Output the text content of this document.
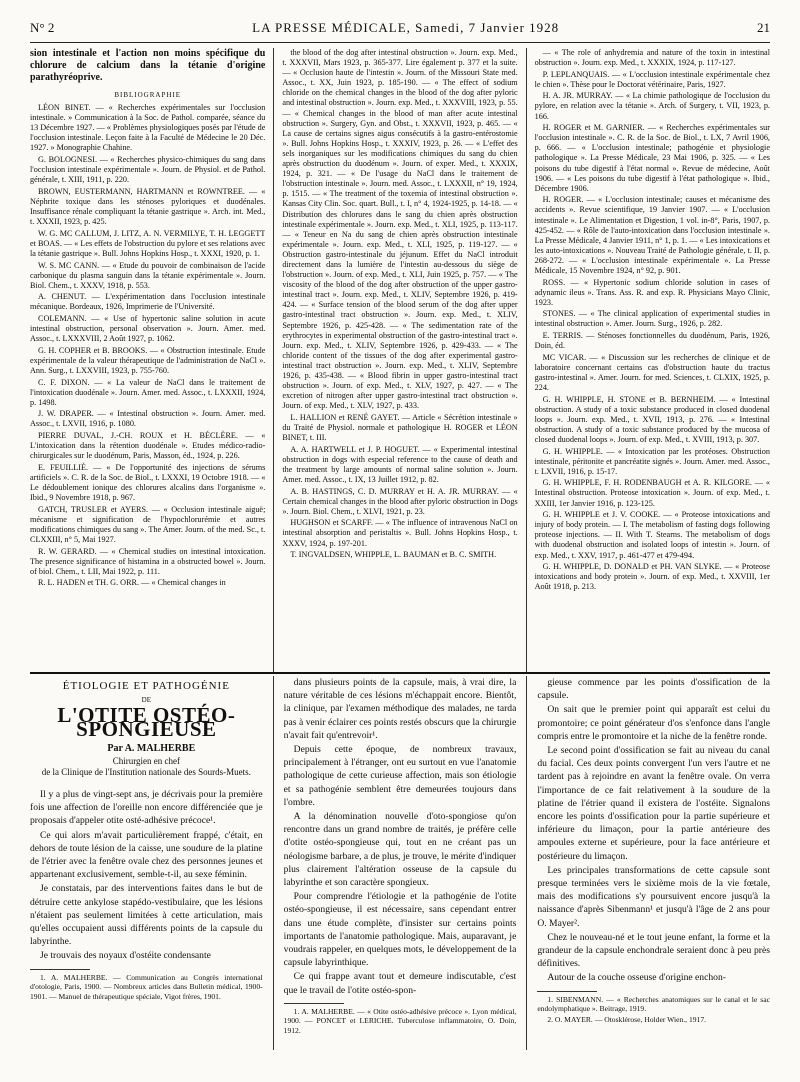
N° 2	LA PRESSE MÉDICALE, Samedi, 7 Janvier 1928	21

sion intestinale et l'action non moins spécifique du chlorure de calcium dans la tétanie d'origine parathyréoprive.

BIBLIOGRAPHIE

LÉON BINET. — « Recherches expérimentales sur l'occlusion intestinale. » Communication à la Soc. de Pathol. comparée, séance du 13 Décembre 1927. — « Problèmes physiologiques posés par l'étude de l'occlusion intestinale. Leçon faite à la Faculté de Médecine le 20 Déc. 1927. » Monographie Chahine.

G. BOLOGNESI. — « Recherches physico-chimiques du sang dans l'occlusion intestinale expérimentale ». Journ. de Physiol. et de Pathol. générale, t. XIII, 1911, p. 220.

BROWN, EUSTERMANN, HARTMANN et ROWNTREE. — « Néphrite toxique dans les sténoses pyloriques et duodénales. Insuffisance rénale compliquant la tétanie gastrique ». Arch. int. Med., t. XXXII, 1923, p. 425.

W. G. MC CALLUM, J. LITZ, A. N. VERMILYE, T. H. LEGGETT et BOAS. — « Les effets de l'obstruction du pylore et ses relations avec la tétanie gastrique ». Bull. Johns Hopkins Hosp., t. XXXI, 1920, p. 1.

W. S. MC CANN. — « Etude du pouvoir de combinaison de l'acide carbonique du plasma sanguin dans la tétanie expérimentale ». Journ. Biol. Chem., t. XXXV, 1918, p. 553.

A. CHENUT. — L'expérimentation dans l'occlusion intestinale mécanique. Bordeaux, 1926, Imprimerie de l'Université.

COLEMANN. — « Use of hypertonic saline solution in acute intestinal obstruction, personal observation ». Journ. Amer. med. Assoc., t. LXXXVIII, 2 Août 1927, p. 1062.

G. H. COPHER et B. BROOKS. — « Obstruction intestinale. Etude expérimentale de la valeur thérapeutique de l'administration de NaCl ». Ann. Surg., t. LXXVIII, 1923, p. 755-760.

C. F. DIXON. — « La valeur de NaCl dans le traitement de l'intoxication duodénale ». Journ. Amer. med. Assoc., t. LXXXII, 1924, p. 1498.

J. W. DRAPER. — « Intestinal obstruction ». Journ. Amer. med. Assoc., t. LXVII, 1916, p. 1080.

PIERRE DUVAL, J.-CH. ROUX et H. BÉCLÈRE. — « L'intoxication dans la rétention duodénale ». Etudes médico-radio-chirurgicales sur le duodénum, Paris, Masson, éd., 1924, p. 226.

E. FEUILLIÉ. — « De l'opportunité des injections de sérums artificiels ». C. R. de la Soc. de Biol., t. LXXXI, 19 Octobre 1918. — « Le dédoublement ionique des chlorures alcalins dans l'organisme ». Ibid., 9 Novembre 1918, p. 967.

GATCH, TRUSLER et AYERS. — « Occlusion intestinale aiguë; mécanisme et signification de l'hypochlorurémie et autres modifications chimiques du sang ». The Amer. Journ. of the med. Sc., t. CLXXIII, n° 5, Mai 1927.

R. W. GERARD. — « Chemical studies on intestinal intoxication. The presence significance of histamina in a obstructed bowel ». Journ. of biol. Chem., t. LII, Mai 1922, p. 111.

R. L. HADEN et TH. G. ORR. — « Chemical changes in

the blood of the dog after intestinal obstruction ». Journ. exp. Med., t. XXXVII, Mars 1923, p. 365-377. Lire également p. 377 et la suite. — « Occlusion haute de l'intestin ». Journ. of the Missouri State med. Assoc., t. XX, Juin 1923, p. 185-190. — « The effect of sodium chloride on the chemical changes in the blood of the dog after pyloric and intestinal obstruction ». Journ. exp. Med., t. XXXVIII, 1923, p. 55. — « Chemical changes in the blood of man after acute intestinal obstruction ». Surgery, Gyn. and Obst., t. XXXVII, 1923, p. 465. — « La cause de certains signes aigus consécutifs à la gastro-entérostomie ». Bull. Johns Hopkins Hosp., t. XXXIV, 1923, p. 26. — « L'effet des sels inorganiques sur les modifications chimiques du sang du chien après obstruction du duodénum ». Journ. of exper. Med., t. XXXIX, 1924, p. 321. — « De l'usage du NaCl dans le traitement de l'obstruction intestinale ». Journ. med. Assoc., t. LXXXII, n° 19, 1924, p. 1515. — « The treatment of the toxemia of intestinal obstruction ». Kansas City Clin. Soc. quart. Bull., t. I, n° 4, 1924-1925, p. 14-18. — « Distribution des chlorures dans le sang du chien après obstruction intestinale expérimentale ». Journ. exp. Med., t. XLI, 1925, p. 113-117. — « Teneur en Na du sang de chien après obstruction intestinale expérimentale ». Journ. exp. Med., t. XLI, 1925, p. 119-127. — « Obstruction gastro-intestinale du jéjunum. Effet du NaCl introduit directement dans la lumière de l'intestin au-dessous du siège de l'obstruction ». Journ. of exp. Med., t. XLI, Juin 1925, p. 757. — « The viscosity of the blood of the dog after obstruction of the upper gastro-intestinal tract ». Journ. exp. Med., t. XLIV, Septembre 1926, p. 419-424. — « Surface tension of the blood serum of the dog after upper gastro-intestinal tract obstruction ». Journ. exp. Med., t. XLIV, Septembre 1926, p. 425-428. — « The sedimentation rate of the erythrocytes in experimental obstruction of the gastro-intestinal tract ». Journ. exp. Med., t. XLIV, Septembre 1926, p. 429-433. — « The chloride content of the tissues of the dog after experimental gastro-intestinal tract obstruction ». Journ. exp. Med., t. XLIV, Septembre 1926, p. 435-438. — « Blood fibrin in upper gastro-intestinal tract obstruction ». Journ. of exp. Med., t. XLV, 1927, p. 427. — « The excretion of nitrogen after upper gastro-intestinal tract obstruction ». Journ. of exp. Med., t. XLV, 1927, p. 433.

L. HALLION et RENÉ GAYET. — Article « Sécrétion intestinale » du Traité de Physiol. normale et pathologique H. ROGER et LÉON BINET, t. III.

A. A. HARTWELL et J. P. HOGUET. — « Experimental intestinal obstruction in dogs with especial reference to the cause of death and the treatment by large amounts of normal saline solution ». Journ. Amer. med. Assoc., t. IX, 13 Juillet 1912, p. 82.

A. B. HASTINGS, C. D. MURRAY et H. A. JR. MURRAY. — « Certain chemical changes in the blood after pyloric obstruction in Dogs ». Journ. Biol. Chem., t. XLVI, 1921, p. 23.

HUGHSON et SCARFF. — « The influence of intravenous NaCl on intestinal absorption and peristaltis ». Bull. Johns Hopkins Hosp., t. XXXV, 1924, p. 197-201.

T. INGVALDSEN, WHIPPLE, L. BAUMAN et B. C. SMITH.

— « The role of anhydremia and nature of the toxin in intestinal obstruction ». Journ. exp. Med., t. XXXIX, 1924, p. 117-127.

P. LEPLANQUAIS. — « L'occlusion intestinale expérimentale chez le chien ». Thèse pour le Doctorat vétérinaire, Paris, 1927.

H. A. JR. MURRAY. — « La chimie pathologique de l'occlusion du pylore, en relation avec la tétanie ». Arch. of Surgery, t. VII, 1923, p. 166.

H. ROGER et M. GARNIER. — « Recherches expérimentales sur l'occlusion intestinale ». C. R. de la Soc. de Biol., t. LX, 7 Avril 1906, p. 666. — « L'occlusion intestinale; pathogénie et physiologie pathologique ». La Presse Médicale, 23 Mai 1906, p. 325. — « Les poisons du tube digestif à l'état normal ». Revue de médecine, Août 1906. — « Les poisons du tube digestif à l'état pathologique ». Ibid., Décembre 1906.

H. ROGER. — « L'occlusion intestinale; causes et mécanisme des accidents ». Revue scientifique, 19 Janvier 1907. — « L'occlusion intestinale ». Le Alimentation et Digestion, 1 vol. in-8°, Paris, 1907, p. 425-452. — « Rôle de l'auto-intoxication dans l'occlusion intestinale ». La Presse Médicale, 4 Janvier 1911, n° 1, p. 1. — « Les intoxications et les auto-intoxications ». Nouveau Traité de Pathologie générale, t. II, p. 268-272. — « L'occlusion intestinale expérimentale ». La Presse Médicale, 15 Novembre 1924, n° 92, p. 901.

ROSS. — « Hypertonic sodium chloride solution in cases of adynamic ileus ». Trans. Ass. R. and exp. R. Physicians Mayo Clinic, 1923.

STONES. — « The clinical application of experimental studies in intestinal obstruction ». Amer. Journ. Surg., 1926, p. 282.

E. TERRIS. — Sténoses fonctionnelles du duodénum, Paris, 1926, Doin, éd.

MC VICAR. — « Discussion sur les recherches de clinique et de laboratoire concernant certains cas d'obstruction haute du tractus gastro-intestinal ». Amer. Journ. for med. Sciences, t. CLXIX, 1925, p. 224.

G. H. WHIPPLE, H. STONE et B. BERNHEIM. — « Intestinal obstruction. A study of a toxic substance produced in closed duodenal loops ». Journ. exp. Med., t. XVII, 1913, p. 276. — « Intestinal obstruction. A study of a toxic substance produced by the mucosa of closed duodenal loops ». Journ. of exp. Med., t. XVIII, 1913, p. 307.

G. H. WHIPPLE. — « Intoxication par les protéoses. Obstruction intestinale, péritonite et pancréatite signés ». Journ. Amer. med. Assoc., t. LXVII, 1916, p. 15-17.

G. H. WHIPPLE, F. H. RODENBAUGH et A. R. KILGORE. — « Intestinal obstruction. Proteose intoxication ». Journ. of exp. Med., t. XXIII, 1er Janvier 1916, p. 123-125.

G. H. WHIPPLE et J. V. COOKE. — « Proteose intoxications and injury of body protein. — I. The metabolism of fasting dogs following proteose injections. — II. With T. Stearns. The metabolism of dogs with duodenal obstruction and isolated loops of intestin ». Journ. of exp. Med., t. XXV, 1917, p. 461-477 et 479-494.

G. H. WHIPPLE, D. DONALD et PH. VAN SLYKE. — « Proteose intoxications and body protein ». Journ. of exp. Med., t. XXVIII, 1er Août 1918, p. 213.

ÉTIOLOGIE ET PATHOGÉNIE
DE
L'OTITE OSTÉO-SPONGIEUSE

Par A. MALHERBE

Chirurgien en chef
de la Clinique de l'Institution nationale des Sourds-Muets.

Il y a plus de vingt-sept ans, je décrivais pour la première fois une affection de l'oreille non encore différenciée que je proposais d'appeler otite osté-adhésive précoce¹.

Ce qui alors m'avait particulièrement frappé, c'était, en dehors de toute lésion de la caisse, une soudure de la platine de l'étrier avec la fenêtre ovale chez des personnes jeunes et appartenant exclusivement, semble-t-il, au sexe féminin.

Je constatais, par des interventions faites dans le but de détruire cette ankylose stapédo-vestibulaire, que les lésions n'étaient pas seulement limitées à cette articulation, mais qu'elles occupaient aussi différents points de la capsule du labyrinthe.

Je trouvais des noyaux d'ostéite condensante

1. A. MALHERBE. — Communication au Congrès international d'otologie, Paris, 1900. — Nombreux articles dans Bulletin médical, 1900-1901. — Manuel de thérapeutique spéciale, Vigot frères, 1901.

dans plusieurs points de la capsule, mais, à vrai dire, la nature véritable de ces lésions m'échappait encore. Bientôt, la clinique, par l'examen méthodique des malades, ne tarda pas à venir éclairer ces points restés obscurs que la chirurgie n'avait fait qu'entrevoir¹.

Depuis cette époque, de nombreux travaux, principalement à l'étranger, ont eu surtout en vue l'anatomie pathologique de cette curieuse affection, mais son étiologie et sa pathogénie semblent être demeurées toujours dans l'ombre.

A la dénomination nouvelle d'oto-spongiose qu'on rencontre dans un grand nombre de traités, je préfère celle d'otite ostéo-spongieuse qui, tout en ne créant pas un néologisme barbare, a de plus, je trouve, le mérite d'indiquer plus clairement l'altération osseuse de la capsule du labyrinthe et son caractère spongieux.

Pour comprendre l'étiologie et la pathogénie de l'otite ostéo-spongieuse, il est nécessaire, sans cependant entrer dans une étude complète, d'insister sur certains points importants de l'anatomie pathologique. Mais, auparavant, je voudrais rappeler, en quelques mots, le développement de la capsule labyrinthique.

Ce qui frappe avant tout et demeure indiscutable, c'est que le travail de l'otite ostéo-spon-

1. A. MALHERBE. — « Otite ostéo-adhésive précoce ». Lyon médical, 1900. — PONCET et LERICHE. Tuberculose inflammatoire, O. Doin, 1912.

gieuse commence par les points d'ossification de la capsule.

On sait que le premier point qui apparaît est celui du promontoire; ce point générateur d'os s'enfonce dans l'angle compris entre le promontoire et la niche de la fenêtre ronde.

Le second point d'ossification se fait au niveau du canal du facial. Ces deux points convergent l'un vers l'autre et ne tardent pas à rejoindre en avant la fenêtre ovale. On verra l'importance de ce fait relativement à la soudure de la platine de l'étrier quand il existera de l'ostéite. Signalons encore les points d'ossification pour la partie supérieure et inférieure du limaçon, pour la partie antérieure des ampoules externe et supérieure, pour la face antérieure et postérieure du limaçon.

Les principales transformations de cette capsule sont presque terminées vers le sixième mois de la vie fœtale, mais des modifications s'y poursuivent encore jusqu'à la naissance d'après Sibenmann¹ et jusqu'à l'âge de 2 ans pour O. Mayer².

Chez le nouveau-né et le tout jeune enfant, la forme et la grandeur de la capsule enchondrale seraient donc à peu près définitives.

Autour de la couche osseuse d'origine enchon-

1. SIBENMANN. — « Recherches anatomiques sur le canal et le sac endolymphatique ». Beitrage, 1919.

2. O. MAYER. — Otosklérose, Holder Wien., 1917.
